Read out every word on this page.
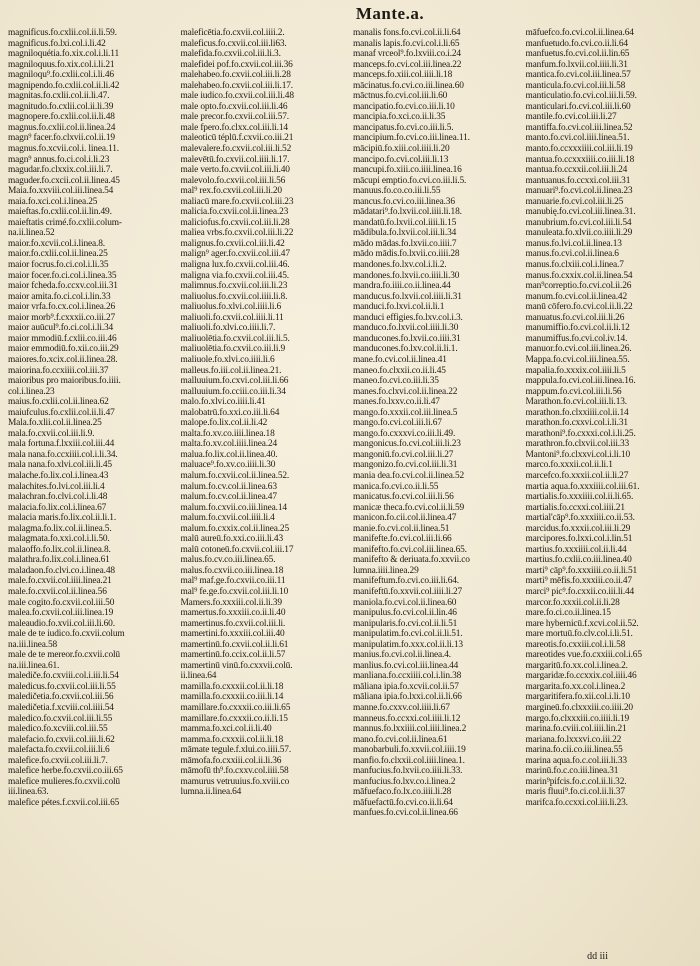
Mante.a.
magnificus.fo.cxlii.col.ii.li.59.
magnificus.fo.lxi.col.i.li.42
magniloquétia.fo.xix.col.i.li.11
magniloquus.fo.xix.col.i.li.21
magniloqu⁹.fo.cxlii.col.i.li.46
magnipendo.fo.cxlii.col.ii.li.42
magnitas.fo.cxlii.col.ii.li.47.
magnitudo.fo.cxlii.col.ii.li.39
magnopere.fo.cxlii.col.ii.li.48
magnus.fo.cxlii.col.ii.linea.24
magn⁹ facer.fo.clxvii.col.ii.19
magnus.fo.xcvii.col.i. linea.11.
magn⁹ annus.fo.ci.col.i.li.23
magudar.fo.clxxix.col.iii.li.7.
maguder.fo.cxcii.col.ii.linea.45
Maia.fo.xxviii.col.iii.linea.54
maia.fo.xci.col.i.linea.25
maieftas.fo.cxlii.col.ii.lin.49.
maieftatis crimé.fo.cxlii.colum-
na.ii.linea.52
maior.fo.xcvii.col.i.linea.8.
maior.fo.cxlii.col.ii.linea.25
maior focrus.fo.ci.col.i.li.35
maior focer.fo.ci.col.i.linea.35
maior fcheda.fo.ccxv.col.iii.31
maior amita.fo.ci.col.i.lin.33
maior vrfa.fo.cx.col.i.linea.26
maior morb⁹.f.cxxxii.co.iii.27
maior auūcul⁹.fo.ci.col.i.li.34
maior mmodiū.f.cxlii.co.iii.46
maior emmodiū.fo.xii.co.iii.29
maiores.fo.xcix.col.ii.linea.28.
maiorina.fo.ccxiiii.col.iii.37
maioribus pro maioribus.fo.iiii.
col.i.linea.23
maius.fo.cxlii.col.ii.linea.62
maiufculus.fo.cxlii.col.ii.li.47
Mala.fo.xlii.col.ii.linea.25
mala.fo.cxvii.col.iii.li.9.
mala fortuna.f.lxxiii.col.iii.44
mala nana.fo.ccxiiii.col.i.li.34.
mala nana.fo.xlvi.col.iii.li.45
malache.fo.lix.col.i.linea.43
malachites.fo.lvi.col.iii.li.4
malachran.fo.clvi.col.i.li.48
malacia.fo.lix.col.i.linea.67
malacia maris.fo.lix.col.ii.li.1.
malagma.fo.lix.col.ii.linea.5.
malagmata.fo.xxi.col.i.li.50.
malaoffo.fo.lix.col.ii.linea.8.
malathra.fo.lix.col.i.linea.61
maladaon.fo.clvi.co.i.linea.48
male.fo.cxvii.col.iiii.linea.21
male.fo.cxvii.col.ii.linea.56
male cogito.fo.cxvii.col.iii.50
malea.fo.cxvii.col.iii.linea.19
maleaudio.fo.xvii.col.iii.li.60.
male de te iudico.fo.cxvii.colum
na.iii.linea.58
male de te mereor.fo.cxvii.colū
na.iii.linea.61.
malediče.fo.cxviii.col.i.iii.li.54
maledicus.fo.cxvii.col.iii.li.55
maledičetia.fo.cxvii.col.iii.56
maledičetia.f.xcviii.col.iiii.54
maledico.fo.cxvii.col.iii.li.55
maledico.fo.xcviii.col.iii.55
malefacio.fo.cxvii.col.iii.li.62
malefacta.fo.cxvii.col.iii.li.6
malefice.fo.cxvii.col.iii.li.7.
malefice herbe.fo.cxvii.co.iii.65
malefice mulieres.fo.cxvii.colū
iii.linea.63.
malefice pétes.f.cxvii.col.iii.65
maleficētia.fo.cxvii.col.iiii.2.
maleficus.fo.cxvii.col.iii.li63.
malefida.fo.cxvii.col.iii.li.3.
malefidei pof.fo.cxvii.col.iii.36
malehabeo.fo.cxvii.col.iii.li.28
malehabeo.fo.cxvii.col.iii.li.17.
male iudico.fo.cxvii.col.iii.li.48
male opto.fo.cxvii.col.iii.li.46
male precor.fo.cxvii.col.iii.57.
male fpero.fo.clxx.col.iii.li.14
maleoticū téplū.f.cxvii.co.iii.21
malevalere.fo.cxvii.col.iii.li.52
malevētū.fo.cxvii.col.iiii.li.17.
male verto.fo.cxvii.col.iii.li.40
malevolo.fo.cxvii.col.iii.li.56
mal⁹ rex.fo.cxvii.col.iii.li.20
maliacū mare.fo.cxvii.col.iii.23
malicia.fo.cxvii.col.ii.linea.23
maliciofus.fo.cxvii.col.iii.li.28
maliea vrbs.fo.cxvii.col.iii.li.22
malignus.fo.cxvii.col.iii.li.42
malign⁹ ager.fo.cxvii.col.iii.47
maligna lux.fo.cxvii.col.iii.46.
maligna via.fo.cxvii.col.iii.45.
malimnus.fo.cxvii.col.iii.li.23
maliuolus.fo.cxvii.col.iiii.li.8.
maliuolus.fo.xlvi.col.iiii.li.6
maliuoli.fo.cxvii.col.iiii.li.11
maliuoli.fo.xlvi.co.iiii.li.7.
maliuolētia.fo.cxvii.col.iii.li.5.
maliuolētia.fo.cxvii.co.iii.li.9
maliuole.fo.xlvi.co.iiii.li.6
malleus.fo.iii.col.ii.linea.21.
malluuium.fo.cxvi.col.iii.li.66
malluuium.fo.cciii.co.iii.li.34
malo.fo.xlvi.co.iiii.li.41
malobatrū.fo.xxi.co.iii.li.64
malope.fo.lix.col.ii.li.42
malta.fo.xv.co.iiii.linea.18
malta.fo.xv.col.iiii.linea.24
malua.fo.lix.col.ii.linea.40.
maluace⁹.fo.xv.co.iiii.li.30
malum.fo.cxvii.col.ii.linea.52.
malum.fo.cv.col.ii.linea.63
malum.fo.cv.col.ii.linea.47
malum.fo.cxvii.co.iii.linea.14
malum.fo.cxvii.col.iiii.li.4
malum.fo.cxxix.col.ii.linea.25
malū aureū.fo.xxi.co.iii.li.43
malū cotoneū.fo.cxvii.col.iii.17
malus.fo.cv.co.iii.linea.65.
malus.fo.cxvii.co.iii.linea.18
mal⁹ maf.ge.fo.cxvii.co.iii.11
mal⁹ fe.ge.fo.cxvii.col.iii.li.10
Mamers.fo.xxxiii.col.ii.li.39
mamertus.fo.xxxiii.co.ii.li.40
mamertinus.fo.cxvii.col.iii.li.
mamertini.fo.xxxiii.col.iii.40
mamertinū.fo.cxvii.col.ii.li.61
mamertinū.fo.ccix.col.ii.li.57
mamertinū vinū.fo.cxxvii.colū.
ii.linea.64
mamilla.fo.cxxxii.col.ii.li.18
mamilla.fo.cxxxii.co.iii.li.14
mamillare.fo.cxxxii.co.iii.li.65
mamillare.fo.cxxxii.co.ii.li.15
mamma.fo.xci.col.ii.li.40
mamma.fo.cxxxii.col.ii.li.18
māmate tegule.f.xlui.co.iiii.57.
māmofa.fo.cxxiii.col.ii.li.36
māmofū th⁹.fo.cxxv.col.iiii.58
mamurus vetruuius.fo.xviii.co
lumna.ii.linea.64
manalis fons.fo.cvi.col.ii.li.64
manalis lapis.fo.cvi.col.i.li.65
manaf vrceol⁹.fo.lxviii.co.i.24
manceps.fo.cvi.col.iii.linea.22
manceps.fo.xiii.col.iiii.li.18
mācinatus.fo.cvi.co.iii.linea.60
māctnus.fo.cvi.col.iii.li.60
mancipatio.fo.cvi.co.iii.li.10
mancipia.fo.xci.co.ii.li.35
mancipatus.fo.cvi.co.iii.li.5.
mancipium.fo.cvi.co.iii.linea.11.
mācipiū.fo.xiii.col.iiii.li.20
mancipo.fo.cvi.col.iii.li.13
mancupi.fo.xiii.co.iiii.linea.16
mācupi emptio.fo.cvi.co.iii.li.5.
manuus.fo.co.co.iii.li.55
mancus.fo.cvi.co.iii.linea.36
mādatari⁹.fo.lxvii.col.iiii.li.18.
mandatū.fo.lxvii.col.iiii.li.15
mādibula.fo.lxvii.col.iii.li.34
mādo mādas.fo.lxvii.co.iiii.7
mādo mādis.fo.lxvii.co.iiii.28
mandones.fo.lxv.col.i.li.2.
mandones.fo.lxvii.co.iiii.li.30
mandra.fo.iiii.co.ii.linea.44
manducus.fo.lxvii.col.iiii.li.31
manduci.fo.lxvi.col.ii.li.1
manduci effigies.fo.lxv.col.i.3.
manduco.fo.lxvii.col.iiii.li.30
manducones.fo.lxvii.co.iiii.31
manducones.fo.lxv.col.ii.li.1.
mane.fo.cvi.col.ii.linea.41
maneo.fo.clxxii.co.ii.li.45
maneo.fo.cvi.co.iii.li.35
manes.fo.clxvi.col.ii.linea.22
manes.fo.lxxv.co.ii.li.47
mango.fo.xxxii.col.iii.linea.5
mango.fo.cvi.col.iii.li.67
mango.fo.cxxxvi.co.iii.li.49.
mangonicus.fo.cvi.col.iii.li.23
mangoniū.fo.cvi.col.iii.li.27
mangonizo.fo.cvi.col.iii.li.31
mania dea.fo.cvi.col.ii.linea.52
manica.fo.cvi.co.ii.li.55
manicatus.fo.cvi.col.iii.li.56
manicæ theca.fo.cvi.col.ii.li.59
manicon.fo.cii.col.ii.linea.47
manie.fo.cvi.col.ii.linea.51
manifefte.fo.cvi.col.iii.li.66
manifefto.fo.cvi.col.iii.linea.65.
manifefto & deriuata.fo.xxvii.co
lumna.iiii.linea.29
manifeftum.fo.cvi.co.iii.li.64.
manifeftū.fo.xxvii.col.iiii.li.27
maniola.fo.cvi.col.ii.linea.60
manipulus.fo.cvi.col.ii.lin.46
manipularis.fo.cvi.col.ii.li.51
manipulatim.fo.cvi.col.ii.li.51.
manipulatim.fo.xxx.col.ii.li.13
manius.fo.cvi.col.ii.linea.4.
manlius.fo.cvi.col.iii.linea.44
manliana.fo.ccxiiii.col.i.lin.38
māliana ipia.fo.xcvii.col.ii.57
māliana ipia.fo.lxxi.col.ii.li.66
manne.fo.cxxv.col.iiii.li.67
manneus.fo.ccxxi.col.iiii.li.12
mannus.fo.lxxiiii.col.iiii.linea.2
mano.fo.cvi.col.ii.linea.61
manobarbuli.fo.xxvii.col.iiii.19
manfio.fo.clxxii.col.iiii.linea.1.
manfucius.fo.lxvii.co.iiii.li.33.
manfucius.fo.lxv.co.i.linea.2
māfuefaco.fo.lx.co.iiii.li.28
māfuefactū.fo.cvi.co.ii.li.64
manfues.fo.cvi.col.ii.linea.66
māfuefco.fo.cvi.col.ii.linea.64
manfuetudo.fo.cvi.co.ii.li.64
manfuetus.fo.cvi.col.ii.lin.65
manfum.fo.lxvii.col.iiii.li.31
mantica.fo.cvi.col.iii.linea.57
manticula.fo.cvi.col.iii.li.58
manticulatio.fo.cvi.col.iii.li.59.
manticulari.fo.cvi.col.iii.li.60
mantile.fo.cvi.col.iii.li.27
mantiffa.fo.cvi.col.iii.linea.52
manto.fo.cvi.col.iiii.linea.51.
manto.fo.ccxxxiiii.col.iii.li.19
mantua.fo.ccxxxiiii.co.iii.li.18
mantua.fo.ccxxii.col.iii.li.24
mantuanus.fo.ccxxi.col.iii.31
manuari⁹.fo.cvi.col.ii.linea.23
manuarie.fo.cvi.col.iii.li.25
manubię.fo.cvi.col.iii.linea.31.
manubrium.fo.cvi.col.iii.li.54
manuleata.fo.xlvii.co.iiii.li.29
manus.fo.lvi.col.ii.linea.13
manus.fo.cvi.col.ii.linea.6
manus.fo.clxiii.col.i.linea.7
manus.fo.cxxix.col.ii.linea.54
man⁹correptio.fo.cvi.col.ii.26
manum.fo.cvi.col.ii.linea.42
manū cōfero.fo.cvi.col.ii.li.22
manuatus.fo.cvi.col.iii.li.26
manumiffio.fo.cvi.col.ii.li.12
manumiffus.fo.cvi.col.iv.14.
manuor.fo.cvi.col.iii.linea.26.
Mappa.fo.cvi.col.iii.linea.55.
mapalia.fo.xxxix.col.iiii.li.5
mappula.fo.cvi.col.iii.linea.16.
mappum.fo.cvi.col.iii.li.56
Marathon.fo.cvi.col.iii.li.13.
marathon.fo.clxxiiii.col.ii.14
marathon.fo.cxxvi.col.i.li.31
marathoni⁹.fo.cxxxi.col.i.li.25.
marathron.fo.clxvii.col.iii.33
Mantoni⁹.fo.clxxvi.col.i.li.10
marco.fo.xxxii.col.ii.li.1
marcefco.fo.xxxii.col.ii.li.27
martia aqua.fo.xxxiiii.col.iii.61.
martialis.fo.xxxiiii.col.ii.li.65.
martialis.fo.ccxxi.col.iiii.21
martial'cāp⁹.fo.xxxiiii.co.ii.53.
marcidus.fo.xxxii.col.iii.li.29
marcipores.fo.lxxi.col.i.lin.51
martius.fo.xxxiiii.col.ii.li.44
martius.fo.cxlii.co.iii.linea.40
marti⁹ cāp⁹.fo.xxxiiii.co.ii.li.51
marti⁹ mēfis.fo.xxxiii.co.ii.47
marci⁹ pic⁹.fo.cxxii.co.iii.li.44
marcor.fo.xxxii.col.ii.li.28
mare.fo.ci.co.ii.linea.15
mare hybernicū.f.xcvi.col.ii.52.
mare mortuū.fo.clv.col.i.li.51.
mareotis.fo.cxxiii.col.i.li.58
mareotides vue.fo.cxxiii.col.i.65
margaritū.fo.xx.col.i.linea.2.
margaridæ.fo.ccxxix.col.iiii.46
margarita.fo.xx.col.i.linea.2
margaritifera.fo.xii.col.i.li.10
margineū.fo.clxxxiii.co.iiii.20
margo.fo.clxxxiii.co.iiii.li.19
marina.fo.cviii.col.iiii.lin.21
mariana.fo.lxxxvi.co.iii.22
marina.fo.cii.co.iii.linea.55
marina aqua.fo.c.col.iii.li.33
marinū.fo.c.co.iii.linea.31
marin⁹pifcis.fo.c.col.ii.li.32.
maris fluui⁹.fo.ci.col.ii.li.37
marifca.fo.ccxxi.col.iii.li.23.
dd iii
